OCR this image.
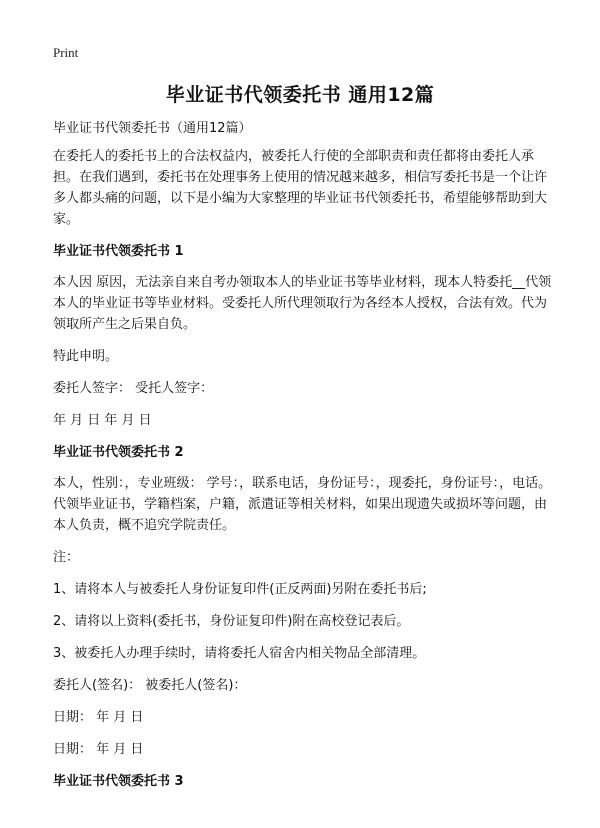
Print
毕业证书代领委托书 通用12篇

毕业证书代领委托书（通用12篇）

在委托人的委托书上的合法权益内，被委托人行使的全部职责和责任都将由委托人承担。在我们遇到，委托书在处理事务上使用的情况越来越多，相信写委托书是一个让许多人都头痛的问题，以下是小编为大家整理的毕业证书代领委托书，希望能够帮助到大家。

毕业证书代领委托书 1

本人因 原因，无法亲自来自考办领取本人的毕业证书等毕业材料，现本人特委托__代领本人的毕业证书等毕业材料。受委托人所代理领取行为各经本人授权，合法有效。代为领取所产生之后果自负。

特此申明。

委托人签字： 受托人签字：

年 月 日 年 月 日

毕业证书代领委托书 2

本人，性别：，专业班级： 学号：，联系电话，身份证号：，现委托，身份证号：，电话。代领毕业证书，学籍档案，户籍，派遣证等相关材料，如果出现遗失或损坏等问题，由本人负责，概不追究学院责任。

注：

1、请将本人与被委托人身份证复印件(正反两面)另附在委托书后;

2、请将以上资料(委托书，身份证复印件)附在高校登记表后。

3、被委托人办理手续时，请将委托人宿舍内相关物品全部清理。

委托人(签名)： 被委托人(签名)：

日期： 年 月 日

日期： 年 月 日

毕业证书代领委托书 3
